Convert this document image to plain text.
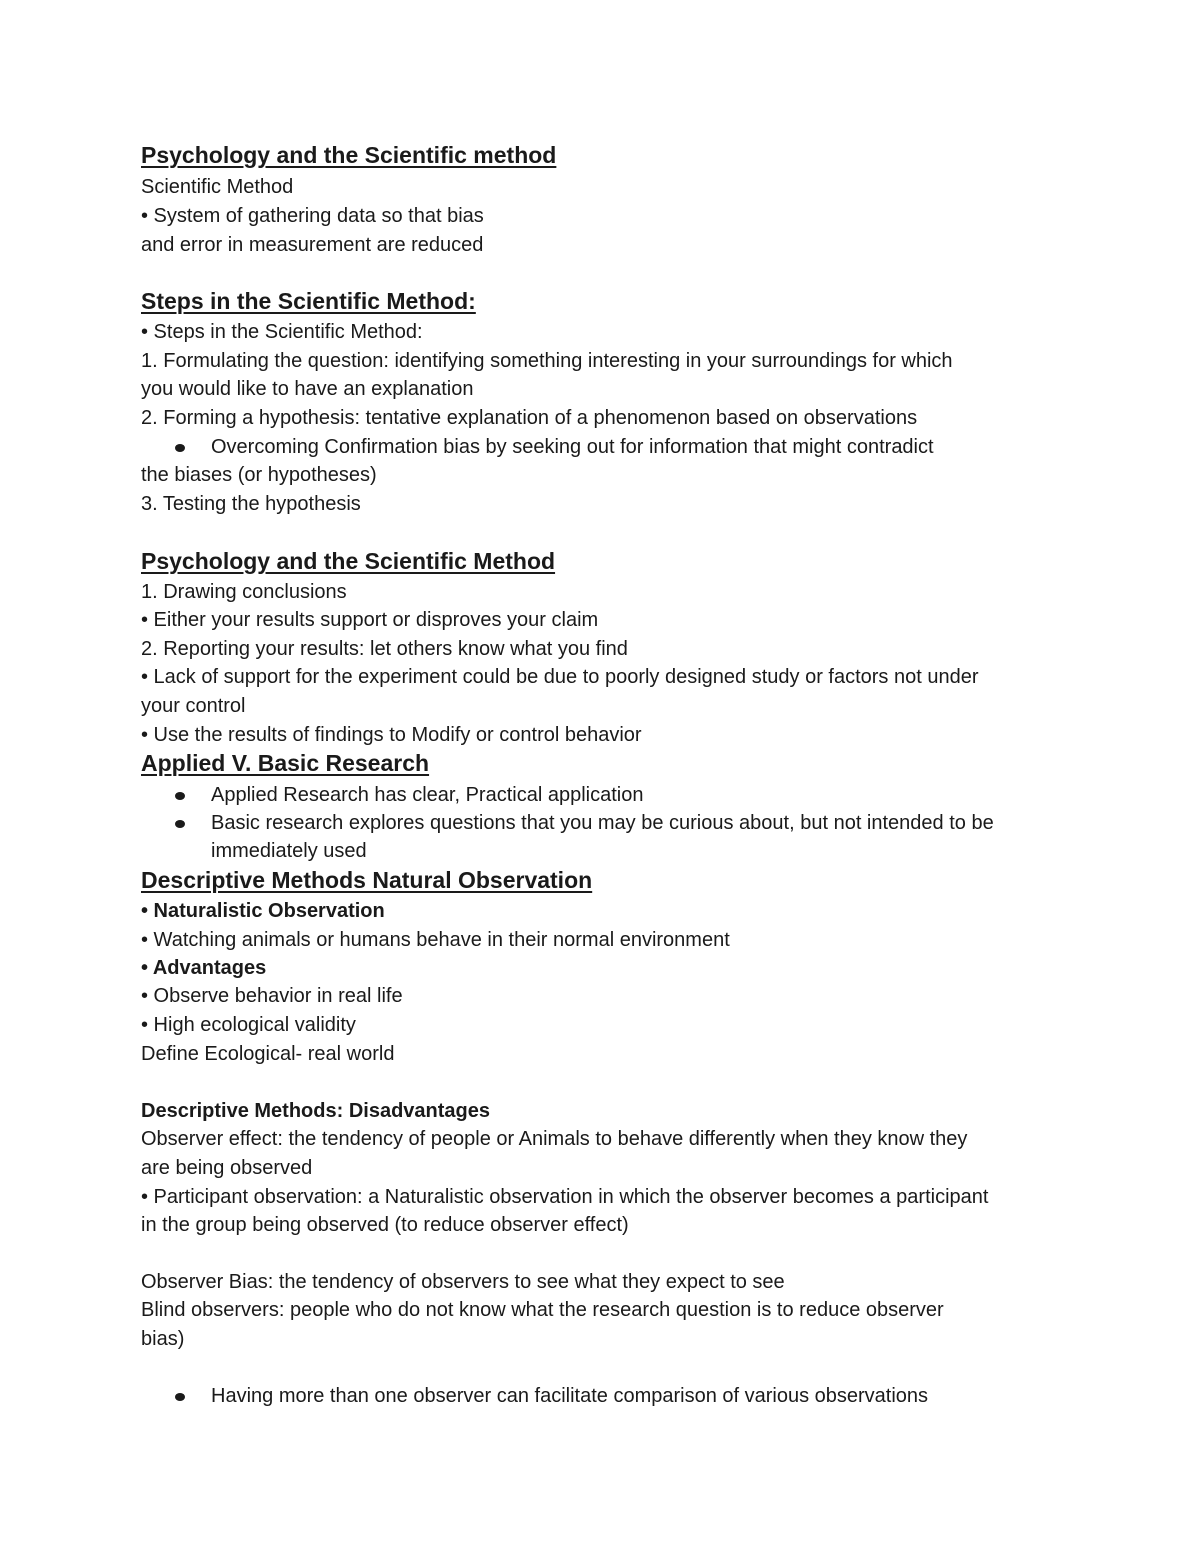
Psychology and the Scientific method
Scientific Method
• System of gathering data so that bias
and error in measurement are reduced
Steps in the Scientific Method:
• Steps in the Scientific Method:
1. Formulating the question: identifying something interesting in your surroundings for which
you would like to have an explanation
2. Forming a hypothesis: tentative explanation of a phenomenon based on observations
Overcoming Confirmation bias by seeking out for information that might contradict
the biases (or hypotheses)
3. Testing the hypothesis
Psychology and the Scientific Method
1. Drawing conclusions
• Either your results support or disproves your claim
2. Reporting your results: let others know what you find
• Lack of support for the experiment could be due to poorly designed study or factors not under
your control
• Use the results of findings to Modify or control behavior
Applied V. Basic Research
Applied Research has clear, Practical application
Basic research explores questions that you may be curious about, but not intended to be
immediately used
Descriptive Methods Natural Observation
• Naturalistic Observation
• Watching animals or humans behave in their normal environment
• Advantages
• Observe behavior in real life
• High ecological validity
Define Ecological- real world
Descriptive Methods: Disadvantages
Observer effect: the tendency of people or Animals to behave differently when they know they
are being observed
• Participant observation: a Naturalistic observation in which the observer becomes a participant
in the group being observed (to reduce observer effect)
Observer Bias: the tendency of observers to see what they expect to see
Blind observers: people who do not know what the research question is to reduce observer
bias)
Having more than one observer can facilitate comparison of various observations
